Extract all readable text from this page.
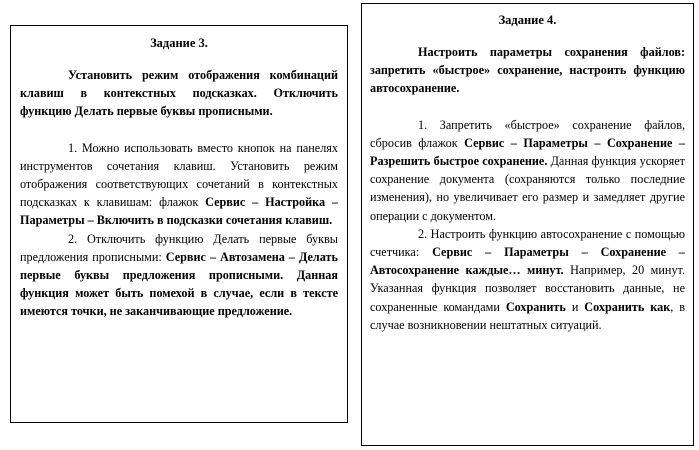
Задание 3.

Установить режим отображения комбинаций клавиш в контекстных подсказках. Отключить функцию Делать первые буквы прописными.

1. Можно использовать вместо кнопок на панелях инструментов сочетания клавиш. Установить режим отображения соответствующих сочетаний в контекстных подсказках к клавишам: флажок Сервис – Настройка – Параметры – Включить в подсказки сочетания клавиш.

2. Отключить функцию Делать первые буквы предложения прописными: Сервис – Автозамена – Делать первые буквы предложения прописными. Данная функция может быть помехой в случае, если в тексте имеются точки, не заканчивающие предложение.

Задание 4.

Настроить параметры сохранения файлов: запретить «быстрое» сохранение, настроить функцию автосохранение.

1. Запретить «быстрое» сохранение файлов, сбросив флажок Сервис – Параметры – Сохранение – Разрешить быстрое сохранение. Данная функция ускоряет сохранение документа (сохраняются только последние изменения), но увеличивает его размер и замедляет другие операции с документом.

2. Настроить функцию автосохранение с помощью счетчика: Сервис – Параметры – Сохранение – Автосохранение каждые… минут. Например, 20 минут. Указанная функция позволяет восстановить данные, не сохраненные командами Сохранить и Сохранить как, в случае возникновении нештатных ситуаций.
